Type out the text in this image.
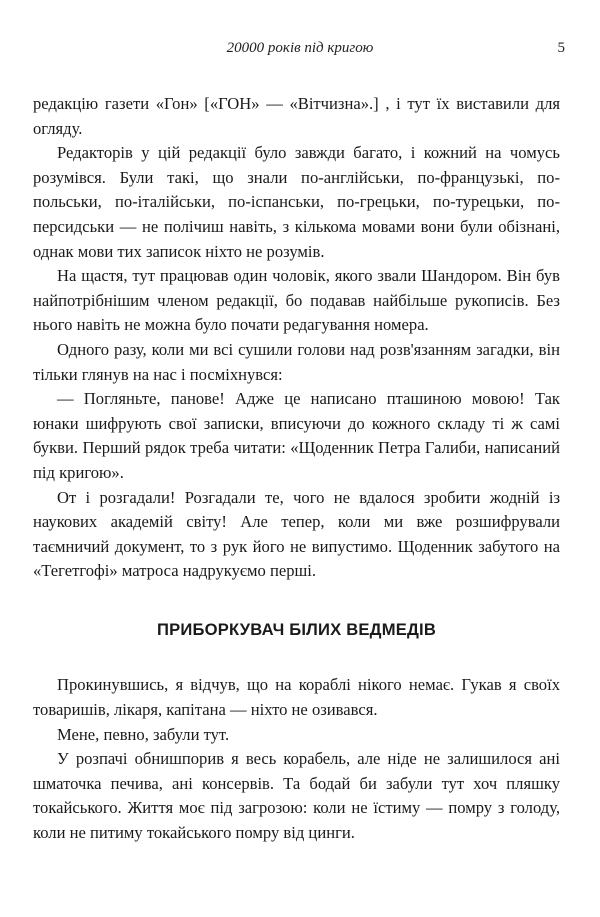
20000 років під кригою	5

редакцію газети «Гон» [«ГОН» — «Вітчизна».] , і тут їх виставили для огляду.

Редакторів у цій редакції було завжди багато, і кожний на чомусь розумівся. Були такі, що знали по-англійськи, по-французькі, по-польськи, по-італійськи, по-іспанськи, по-грецьки, по-турецьки, по-персидськи — не полічиш навіть, з кількома мовами вони були обізнані, однак мови тих записок ніхто не розумів.

На щастя, тут працював один чоловік, якого звали Шандором. Він був найпотрібнішим членом редакції, бо подавав найбільше рукописів. Без нього навіть не можна було почати редагування номера.

Одного разу, коли ми всі сушили голови над розв'язанням загадки, він тільки глянув на нас і посміхнувся:

— Погляньте, панове! Адже це написано пташиною мовою! Так юнаки шифрують свої записки, вписуючи до кожного складу ті ж самі букви. Перший рядок треба читати: «Щоденник Петра Галиби, написаний під кригою».

От і розгадали! Розгадали те, чого не вдалося зробити жодній із наукових академій світу! Але тепер, коли ми вже розшифрували таємничий документ, то з рук його не випустимо. Щоденник забутого на «Тегетгофі» матроса надрукуємо перші.

ПРИБОРКУВАЧ БІЛИХ ВЕДМЕДІВ

Прокинувшись, я відчув, що на кораблі нікого немає. Гукав я своїх товаришів, лікаря, капітана — ніхто не озивався.

Мене, певно, забули тут.

У розпачі обнишпорив я весь корабель, але ніде не залишилося ані шматочка печива, ані консервів. Та бодай би забули тут хоч пляшку токайського. Життя моє під загрозою: коли не їстиму — помру з голоду, коли не питиму токайського помру від цинги.
